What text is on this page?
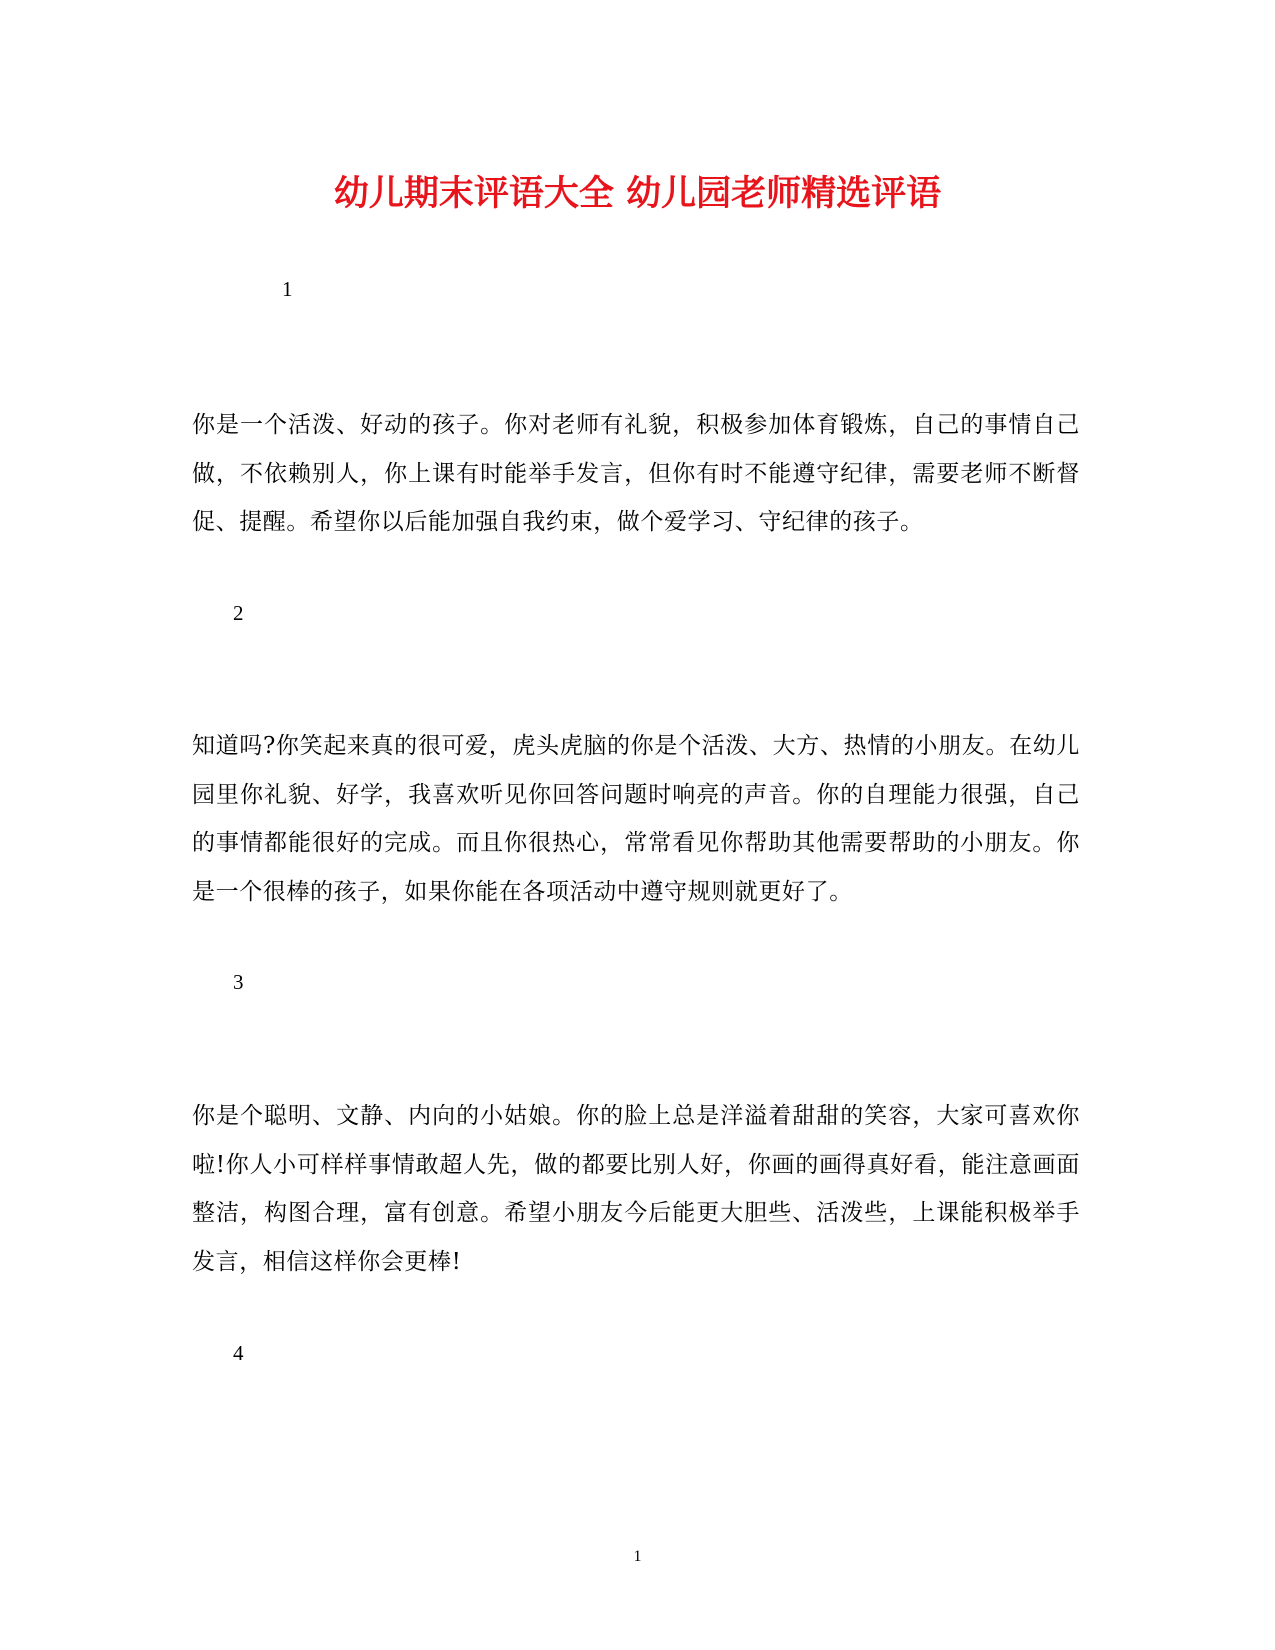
幼儿期末评语大全 幼儿园老师精选评语
1
你是一个活泼、好动的孩子。你对老师有礼貌，积极参加体育锻炼，自己的事情自己做，不依赖别人，你上课有时能举手发言，但你有时不能遵守纪律，需要老师不断督促、提醒。希望你以后能加强自我约束，做个爱学习、守纪律的孩子。
2
知道吗?你笑起来真的很可爱，虎头虎脑的你是个活泼、大方、热情的小朋友。在幼儿园里你礼貌、好学，我喜欢听见你回答问题时响亮的声音。你的自理能力很强，自己的事情都能很好的完成。而且你很热心，常常看见你帮助其他需要帮助的小朋友。你是一个很棒的孩子，如果你能在各项活动中遵守规则就更好了。
3
你是个聪明、文静、内向的小姑娘。你的脸上总是洋溢着甜甜的笑容，大家可喜欢你啦!你人小可样样事情敢超人先，做的都要比别人好，你画的画得真好看，能注意画面整洁，构图合理，富有创意。希望小朋友今后能更大胆些、活泼些，上课能积极举手发言，相信这样你会更棒!
4
1
